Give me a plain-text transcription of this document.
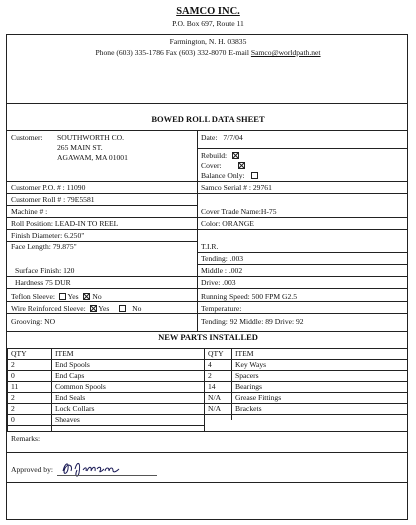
SAMCO INC.
P.O. Box 697, Route 11
Farmington, N. H. 03835
Phone (603) 335-1786 Fax (603) 332-8070 E-mail Samco@worldpath.net
BOWED ROLL DATA SHEET
Customer: SOUTHWORTH CO.
265 MAIN ST.
AGAWAM, MA 01001
Date: 7/7/04
Rebuild:
Cover:
Balance Only:
Customer P.O. # : 11090	Samco Serial # : 29761
Customer Roll # : 79E5581
Machine # :	Cover Trade Name:H-75
Roll Position: LEAD-IN TO REEL	Color: ORANGE
Finish Diameter: 6.250"
Face Length: 79.875"	T.I.R.
Tending: .003
Surface Finish: 120	Middle : .002
Hardness 75 DUR	Drive: .003
Teflon Sleeve: Yes No	Running Speed: 500 FPM G2.5
Wire Reinforced Sleeve: Yes	No	Temperature:
Grooving: NO	Tending: 92 Middle: 89 Drive: 92
NEW PARTS INSTALLED
QTY	ITEM	QTY ITEM
2	End Spools	4	Key Ways
0	End Caps	2	Spacers
11	Common Spools	14	Bearings
2	End Seals	N/A Grease Fittings
2	Lock Collars	N/A Brackets
0	Sheaves
Remarks:
Approved by:
